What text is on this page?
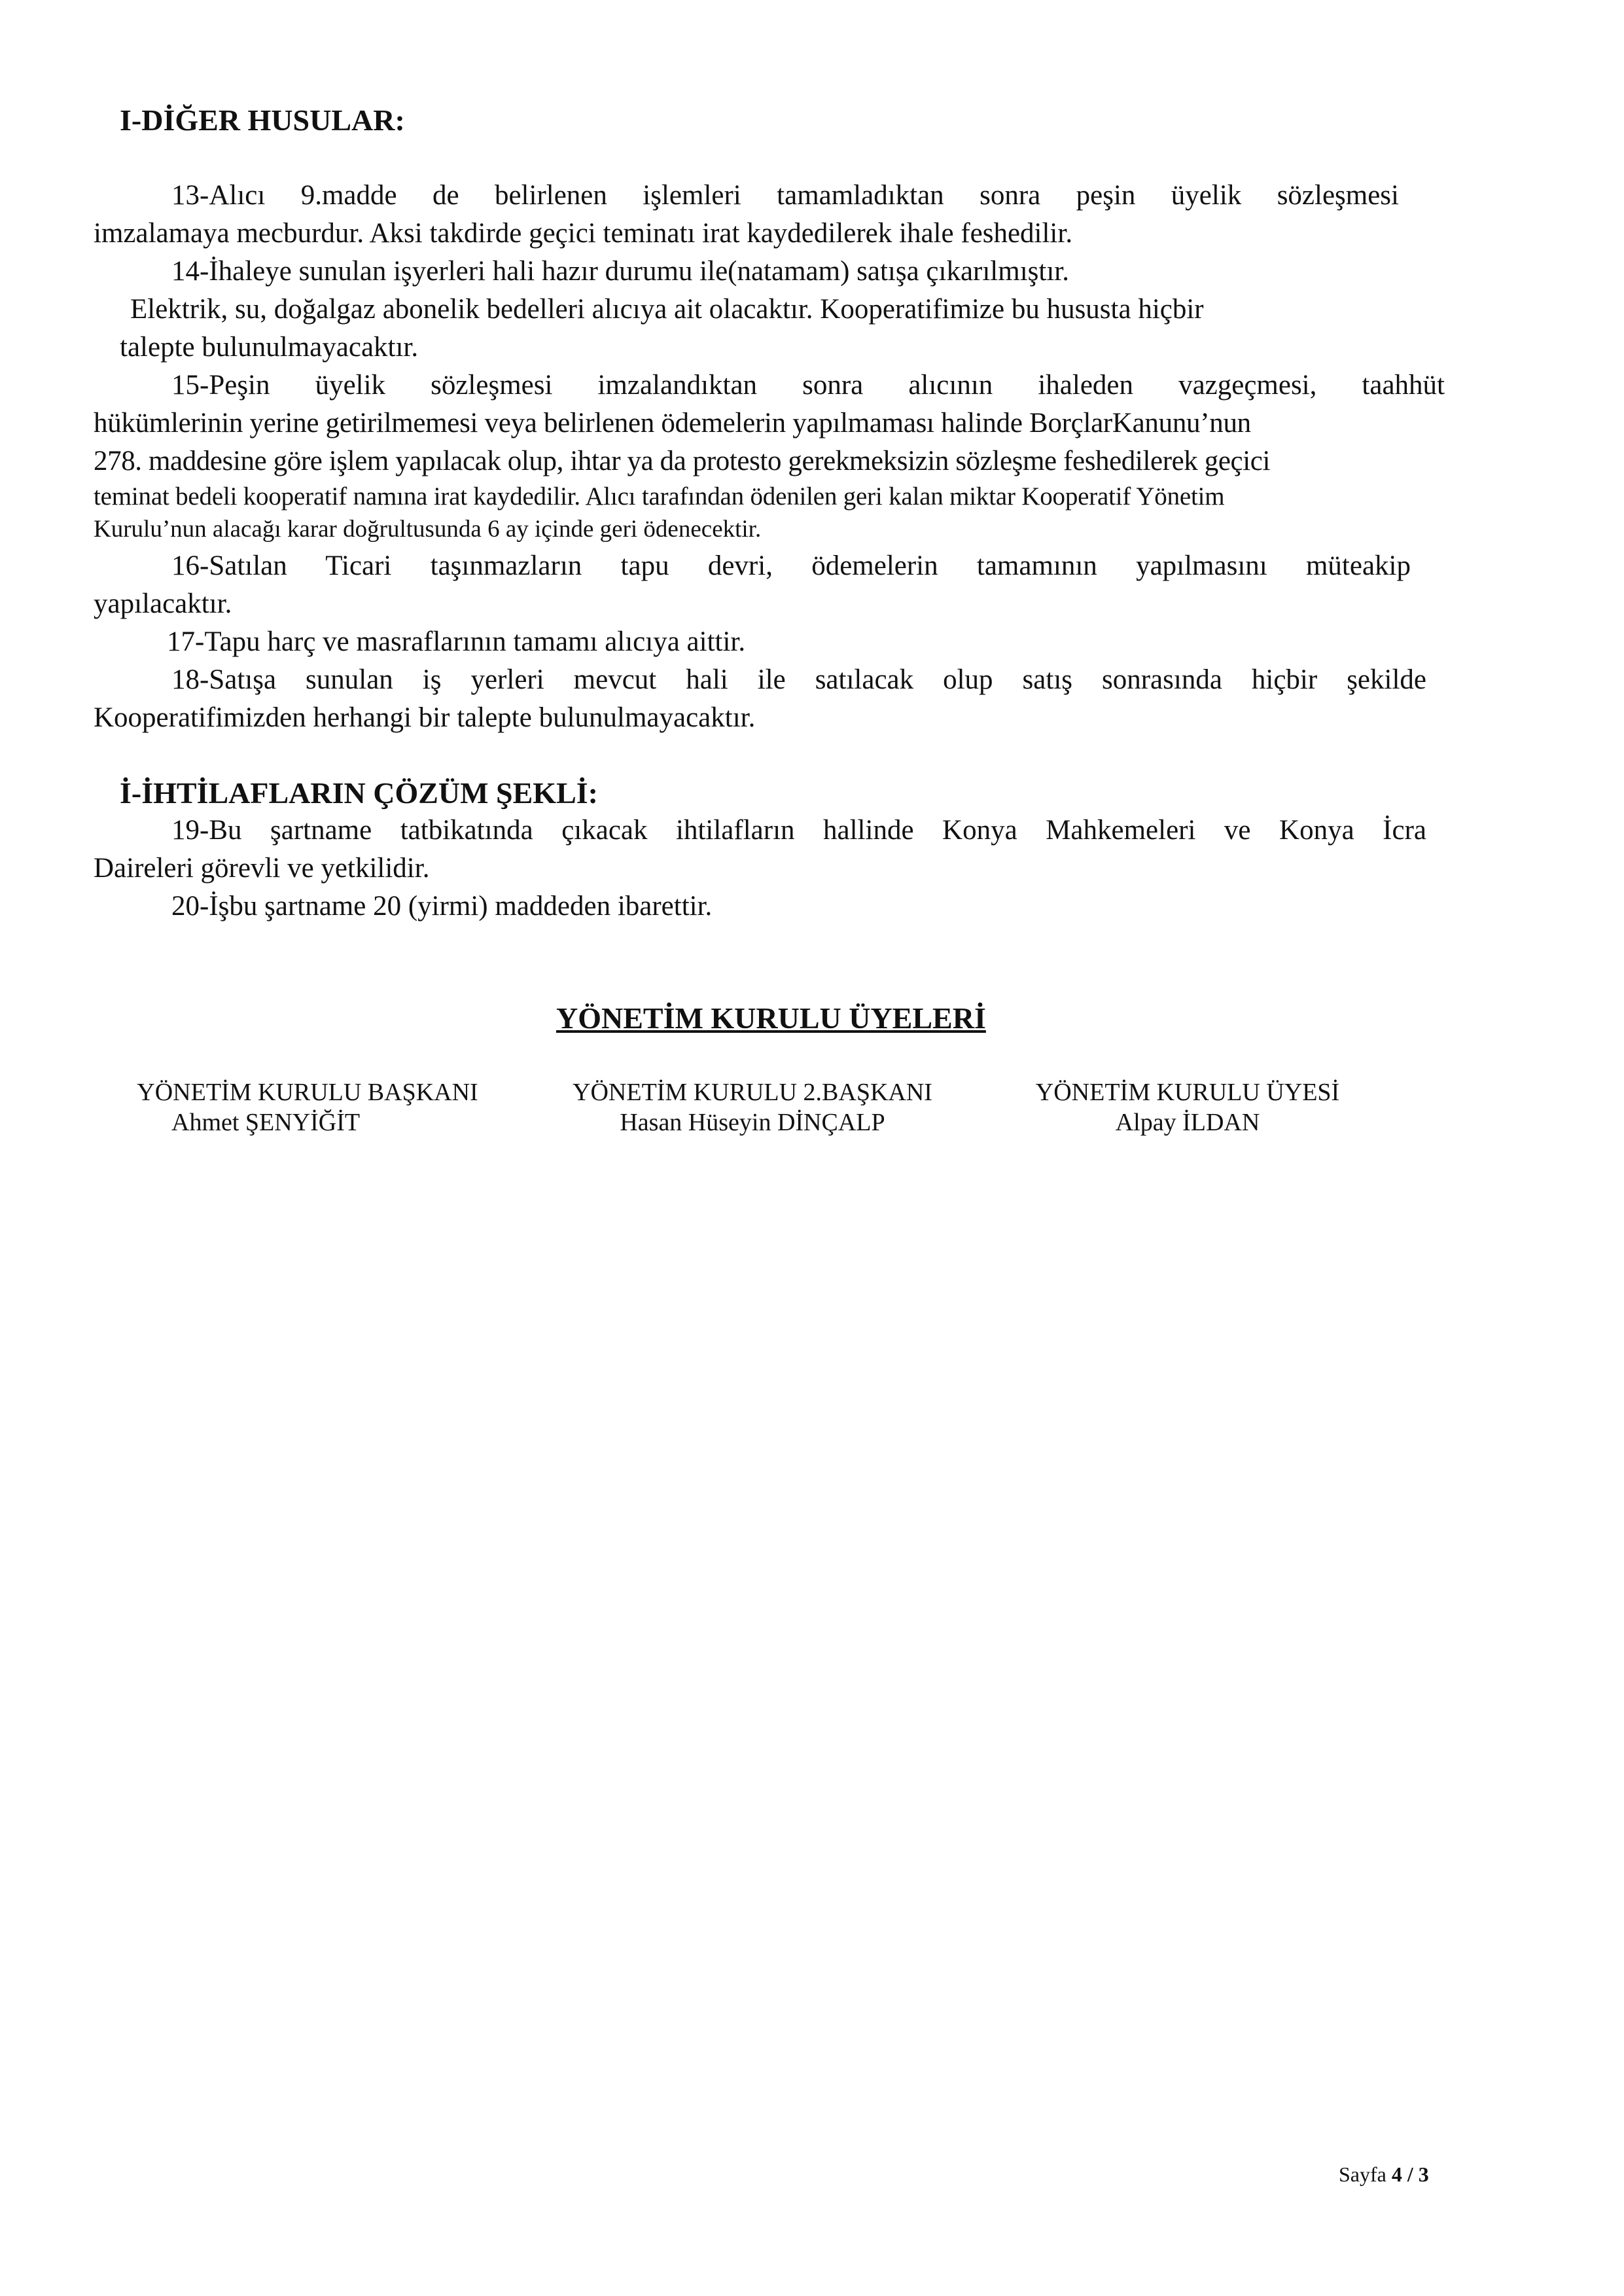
I-DİĞER HUSULAR:
13-Alıcı 9.madde de belirlenen işlemleri tamamladıktan sonra peşin üyelik sözleşmesi
imzalamaya mecburdur. Aksi takdirde geçici teminatı irat kaydedilerek ihale feshedilir.
14-İhaleye sunulan işyerleri hali hazır durumu ile(natamam) satışa çıkarılmıştır.
Elektrik, su, doğalgaz abonelik bedelleri alıcıya ait olacaktır. Kooperatifimize bu hususta hiçbir
talepte bulunulmayacaktır.
15-Peşin üyelik sözleşmesi imzalandıktan sonra alıcının ihaleden vazgeçmesi, taahhüt
hükümlerinin yerine getirilmemesi veya belirlenen ödemelerin yapılmaması halinde BorçlarKanunu’nun
278. maddesine göre işlem yapılacak olup, ihtar ya da protesto gerekmeksizin sözleşme feshedilerek geçici
teminat bedeli kooperatif namına irat kaydedilir. Alıcı tarafından ödenilen geri kalan miktar Kooperatif Yönetim
Kurulu’nun alacağı karar doğrultusunda 6 ay içinde geri ödenecektir.
16-Satılan Ticari taşınmazların tapu devri, ödemelerin tamamının yapılmasını müteakip
yapılacaktır.
17-Tapu harç ve masraflarının tamamı alıcıya aittir.
18-Satışa sunulan iş yerleri mevcut hali ile satılacak olup satış sonrasında hiçbir şekilde
Kooperatifimizden herhangi bir talepte bulunulmayacaktır.
İ-İHTİLAFLARIN ÇÖZÜM ŞEKLİ:
19-Bu şartname tatbikatında çıkacak ihtilafların hallinde Konya Mahkemeleri ve Konya İcra
Daireleri görevli ve yetkilidir.
20-İşbu şartname 20 (yirmi) maddeden ibarettir.
YÖNETİM KURULU ÜYELERİ
YÖNETİM KURULU BAŞKANI
Ahmet ŞENYİĞİT
YÖNETİM KURULU 2.BAŞKANI
Hasan Hüseyin DİNÇALP
YÖNETİM KURULU ÜYESİ
Alpay İLDAN
Sayfa 4 / 3
